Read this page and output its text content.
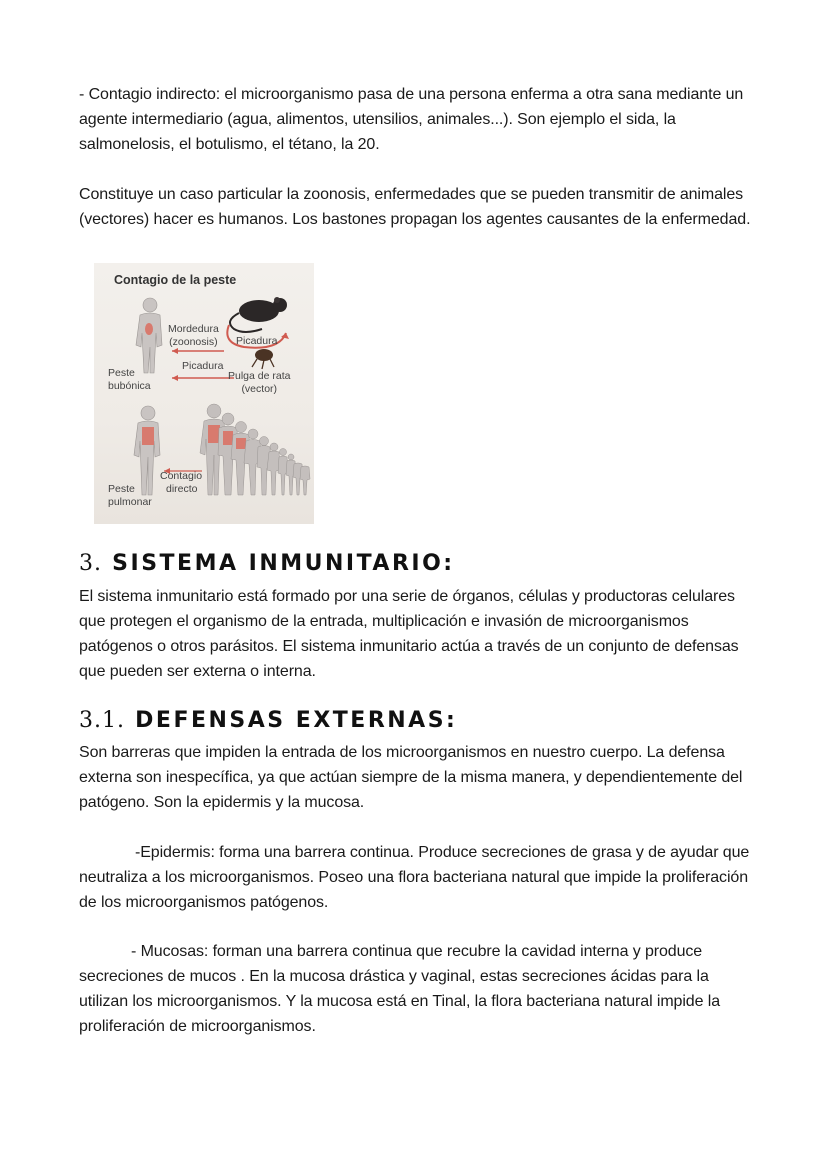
- Contagio indirecto: el microorganismo pasa de una persona enferma a otra sana mediante un agente intermediario (agua, alimentos, utensilios, animales...). Son ejemplo el sida, la salmonelosis, el botulismo, el tétano, la 20.

Constituye un caso particular la zoonosis, enfermedades que se pueden transmitir de animales (vectores) hacer es humanos. Los bastones propagan los agentes causantes de la enfermedad.

Contagio de la peste
Mordedura
(zoonosis) Picadura
Picadura
Peste
bubónica
Pulga de rata
(vector)
Contagio
directo
Peste
pulmonar
3. SISTEMA INMUNITARIO:

El sistema inmunitario está formado por una serie de órganos, células y productoras celulares que protegen el organismo de la entrada, multiplicación e invasión de microorganismos patógenos o otros parásitos. El sistema inmunitario actúa a través de un conjunto de defensas que pueden ser externa o interna.

3.1. DEFENSAS EXTERNAS:

Son barreras que impiden la entrada de los microorganismos en nuestro cuerpo. La defensa externa son inespecífica, ya que actúan siempre de la misma manera, y dependientemente del patógeno. Son la epidermis y la mucosa.

-Epidermis: forma una barrera continua. Produce secreciones de grasa y de ayudar que neutraliza a los microorganismos. Poseo una flora bacteriana natural que impide la proliferación de los microorganismos patógenos.

- Mucosas: forman una barrera continua que recubre la cavidad interna y produce secreciones de mucos . En la mucosa drástica y vaginal, estas secreciones ácidas para la utilizan los microorganismos. Y la mucosa está en Tinal, la flora bacteriana natural impide la proliferación de microorganismos.
